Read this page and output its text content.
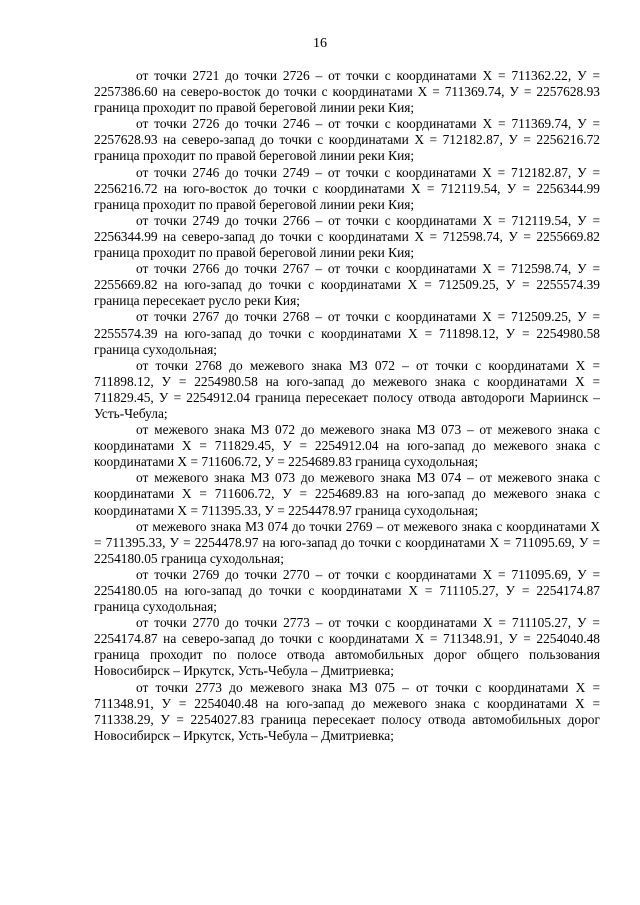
16

от точки 2721 до точки 2726 – от точки с координатами Х = 711362.22, У = 2257386.60 на северо-восток до точки с координатами Х = 711369.74, У = 2257628.93 граница проходит по правой береговой линии реки Кия;

от точки 2726 до точки 2746 – от точки с координатами Х = 711369.74, У = 2257628.93 на северо-запад до точки с координатами Х = 712182.87, У = 2256216.72 граница проходит по правой береговой линии реки Кия;

от точки 2746 до точки 2749 – от точки с координатами Х = 712182.87, У = 2256216.72 на юго-восток до точки с координатами Х = 712119.54, У = 2256344.99 граница проходит по правой береговой линии реки Кия;

от точки 2749 до точки 2766 – от точки с координатами Х = 712119.54, У = 2256344.99 на северо-запад до точки с координатами Х = 712598.74, У = 2255669.82 граница проходит по правой береговой линии реки Кия;

от точки 2766 до точки 2767 – от точки с координатами Х = 712598.74, У = 2255669.82 на юго-запад до точки с координатами Х = 712509.25, У = 2255574.39 граница пересекает русло реки Кия;

от точки 2767 до точки 2768 – от точки с координатами Х = 712509.25, У = 2255574.39 на юго-запад до точки с координатами Х = 711898.12, У = 2254980.58 граница суходольная;

от точки 2768 до межевого знака МЗ 072 – от точки с координатами Х = 711898.12, У = 2254980.58 на юго-запад до межевого знака с координатами Х = 711829.45, У = 2254912.04 граница пересекает полосу отвода автодороги Мариинск – Усть-Чебула;

от межевого знака МЗ 072 до межевого знака МЗ 073 – от межевого знака с координатами Х = 711829.45, У = 2254912.04 на юго-запад до межевого знака с координатами Х = 711606.72, У = 2254689.83 граница суходольная;

от межевого знака МЗ 073 до межевого знака МЗ 074 – от межевого знака с координатами Х = 711606.72, У = 2254689.83 на юго-запад до межевого знака с координатами Х = 711395.33, У = 2254478.97 граница суходольная;

от межевого знака МЗ 074 до точки 2769 – от межевого знака с координатами Х = 711395.33, У = 2254478.97 на юго-запад до точки с координатами Х = 711095.69, У = 2254180.05 граница суходольная;

от точки 2769 до точки 2770 – от точки с координатами Х = 711095.69, У = 2254180.05 на юго-запад до точки с координатами Х = 711105.27, У = 2254174.87 граница суходольная;

от точки 2770 до точки 2773 – от точки с координатами Х = 711105.27, У = 2254174.87 на северо-запад до точки с координатами Х = 711348.91, У = 2254040.48 граница проходит по полосе отвода автомобильных дорог общего пользования Новосибирск – Иркутск, Усть-Чебула – Дмитриевка;

от точки 2773 до межевого знака МЗ 075 – от точки с координатами Х = 711348.91, У = 2254040.48 на юго-запад до межевого знака с координатами Х = 711338.29, У = 2254027.83 граница пересекает полосу отвода автомобильных дорог Новосибирск – Иркутск, Усть-Чебула – Дмитриевка;
